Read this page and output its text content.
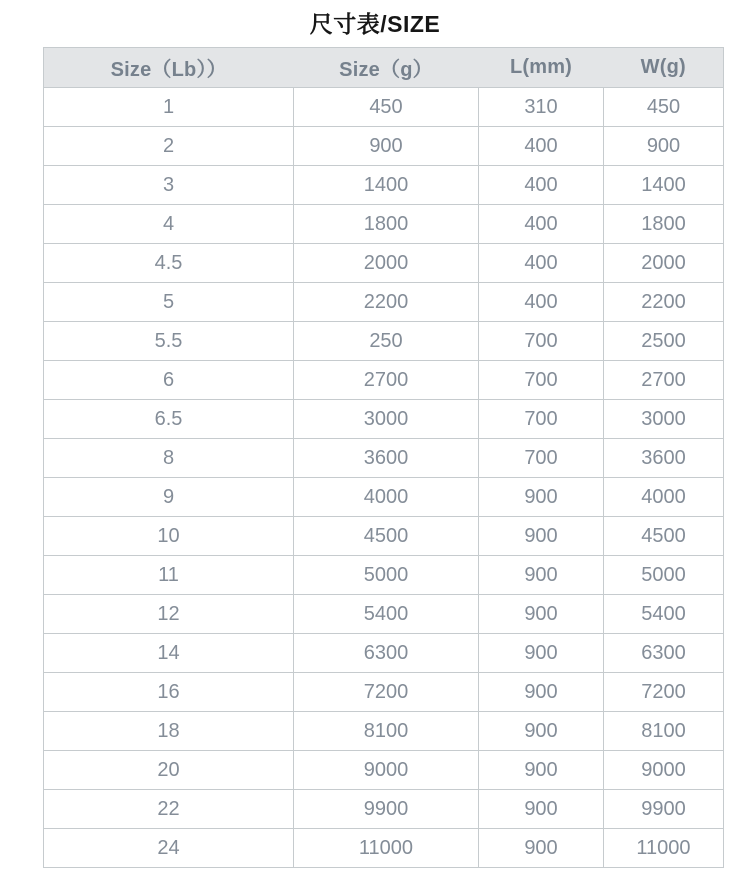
尺寸表/SIZE
Size（Lb））	Size（g）	L(mm)	W(g)
1	450	310	450
2	900	400	900
3	1400	400	1400
4	1800	400	1800
4.5	2000	400	2000
5	2200	400	2200
5.5	250	700	2500
6	2700	700	2700
6.5	3000	700	3000
8	3600	700	3600
9	4000	900	4000
10	4500	900	4500
11	5000	900	5000
12	5400	900	5400
14	6300	900	6300
16	7200	900	7200
18	8100	900	8100
20	9000	900	9000
22	9900	900	9900
24	11000	900	11000
